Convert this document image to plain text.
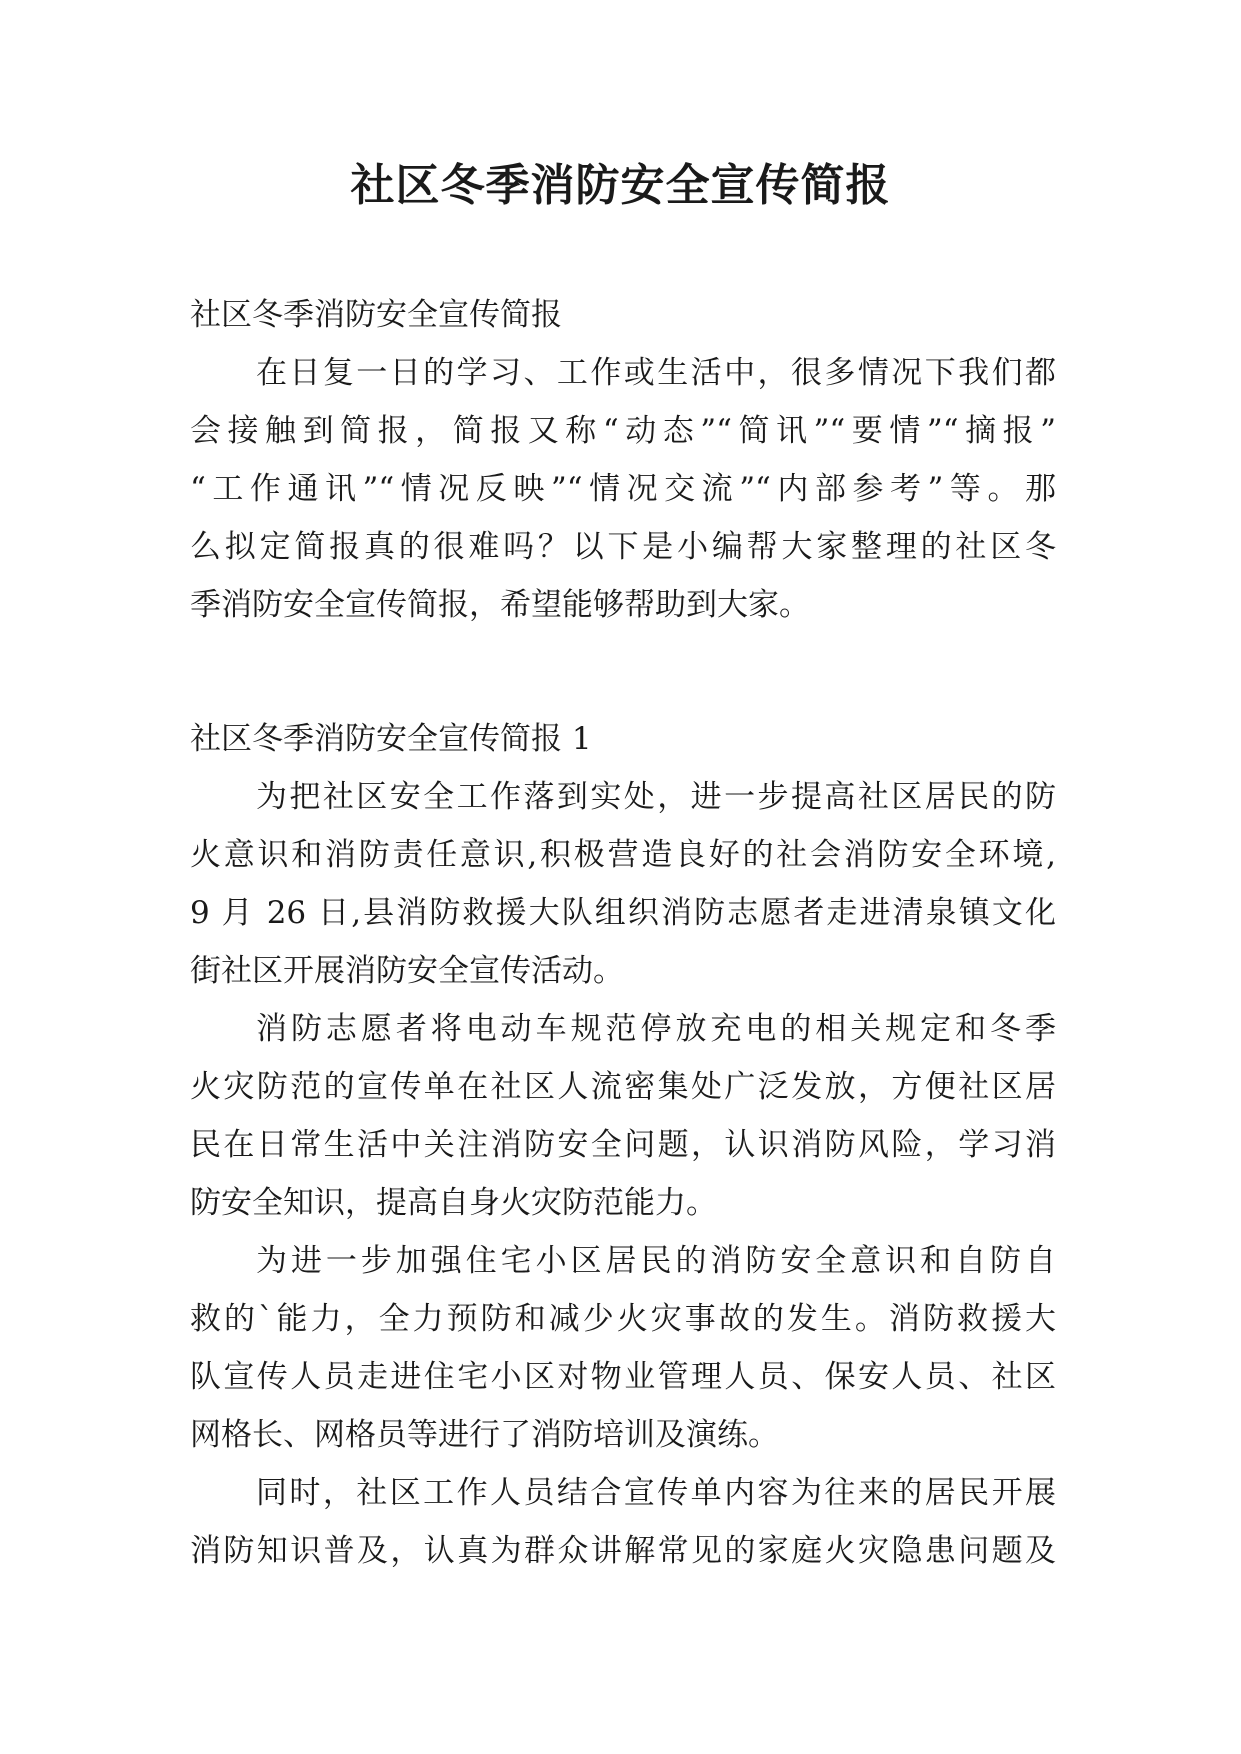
社区冬季消防安全宣传简报

社区冬季消防安全宣传简报

在日复一日的学习、工作或生活中，很多情况下我们都

会接触到简报，简报又称“动态”“简讯”“要情”“摘报”

“工作通讯”“情况反映”“情况交流”“内部参考”等。那

么拟定简报真的很难吗？以下是小编帮大家整理的社区冬

季消防安全宣传简报，希望能够帮助到大家。

社区冬季消防安全宣传简报 1

为把社区安全工作落到实处，进一步提高社区居民的防

火意识和消防责任意识,积极营造良好的社会消防安全环境,

9 月 26 日,县消防救援大队组织消防志愿者走进清泉镇文化

街社区开展消防安全宣传活动。

消防志愿者将电动车规范停放充电的相关规定和冬季

火灾防范的宣传单在社区人流密集处广泛发放，方便社区居

民在日常生活中关注消防安全问题，认识消防风险，学习消

防安全知识，提高自身火灾防范能力。

为进一步加强住宅小区居民的消防安全意识和自防自

救的`能力，全力预防和减少火灾事故的发生。消防救援大

队宣传人员走进住宅小区对物业管理人员、保安人员、社区

网格长、网格员等进行了消防培训及演练。

同时，社区工作人员结合宣传单内容为往来的居民开展

消防知识普及，认真为群众讲解常见的家庭火灾隐患问题及
